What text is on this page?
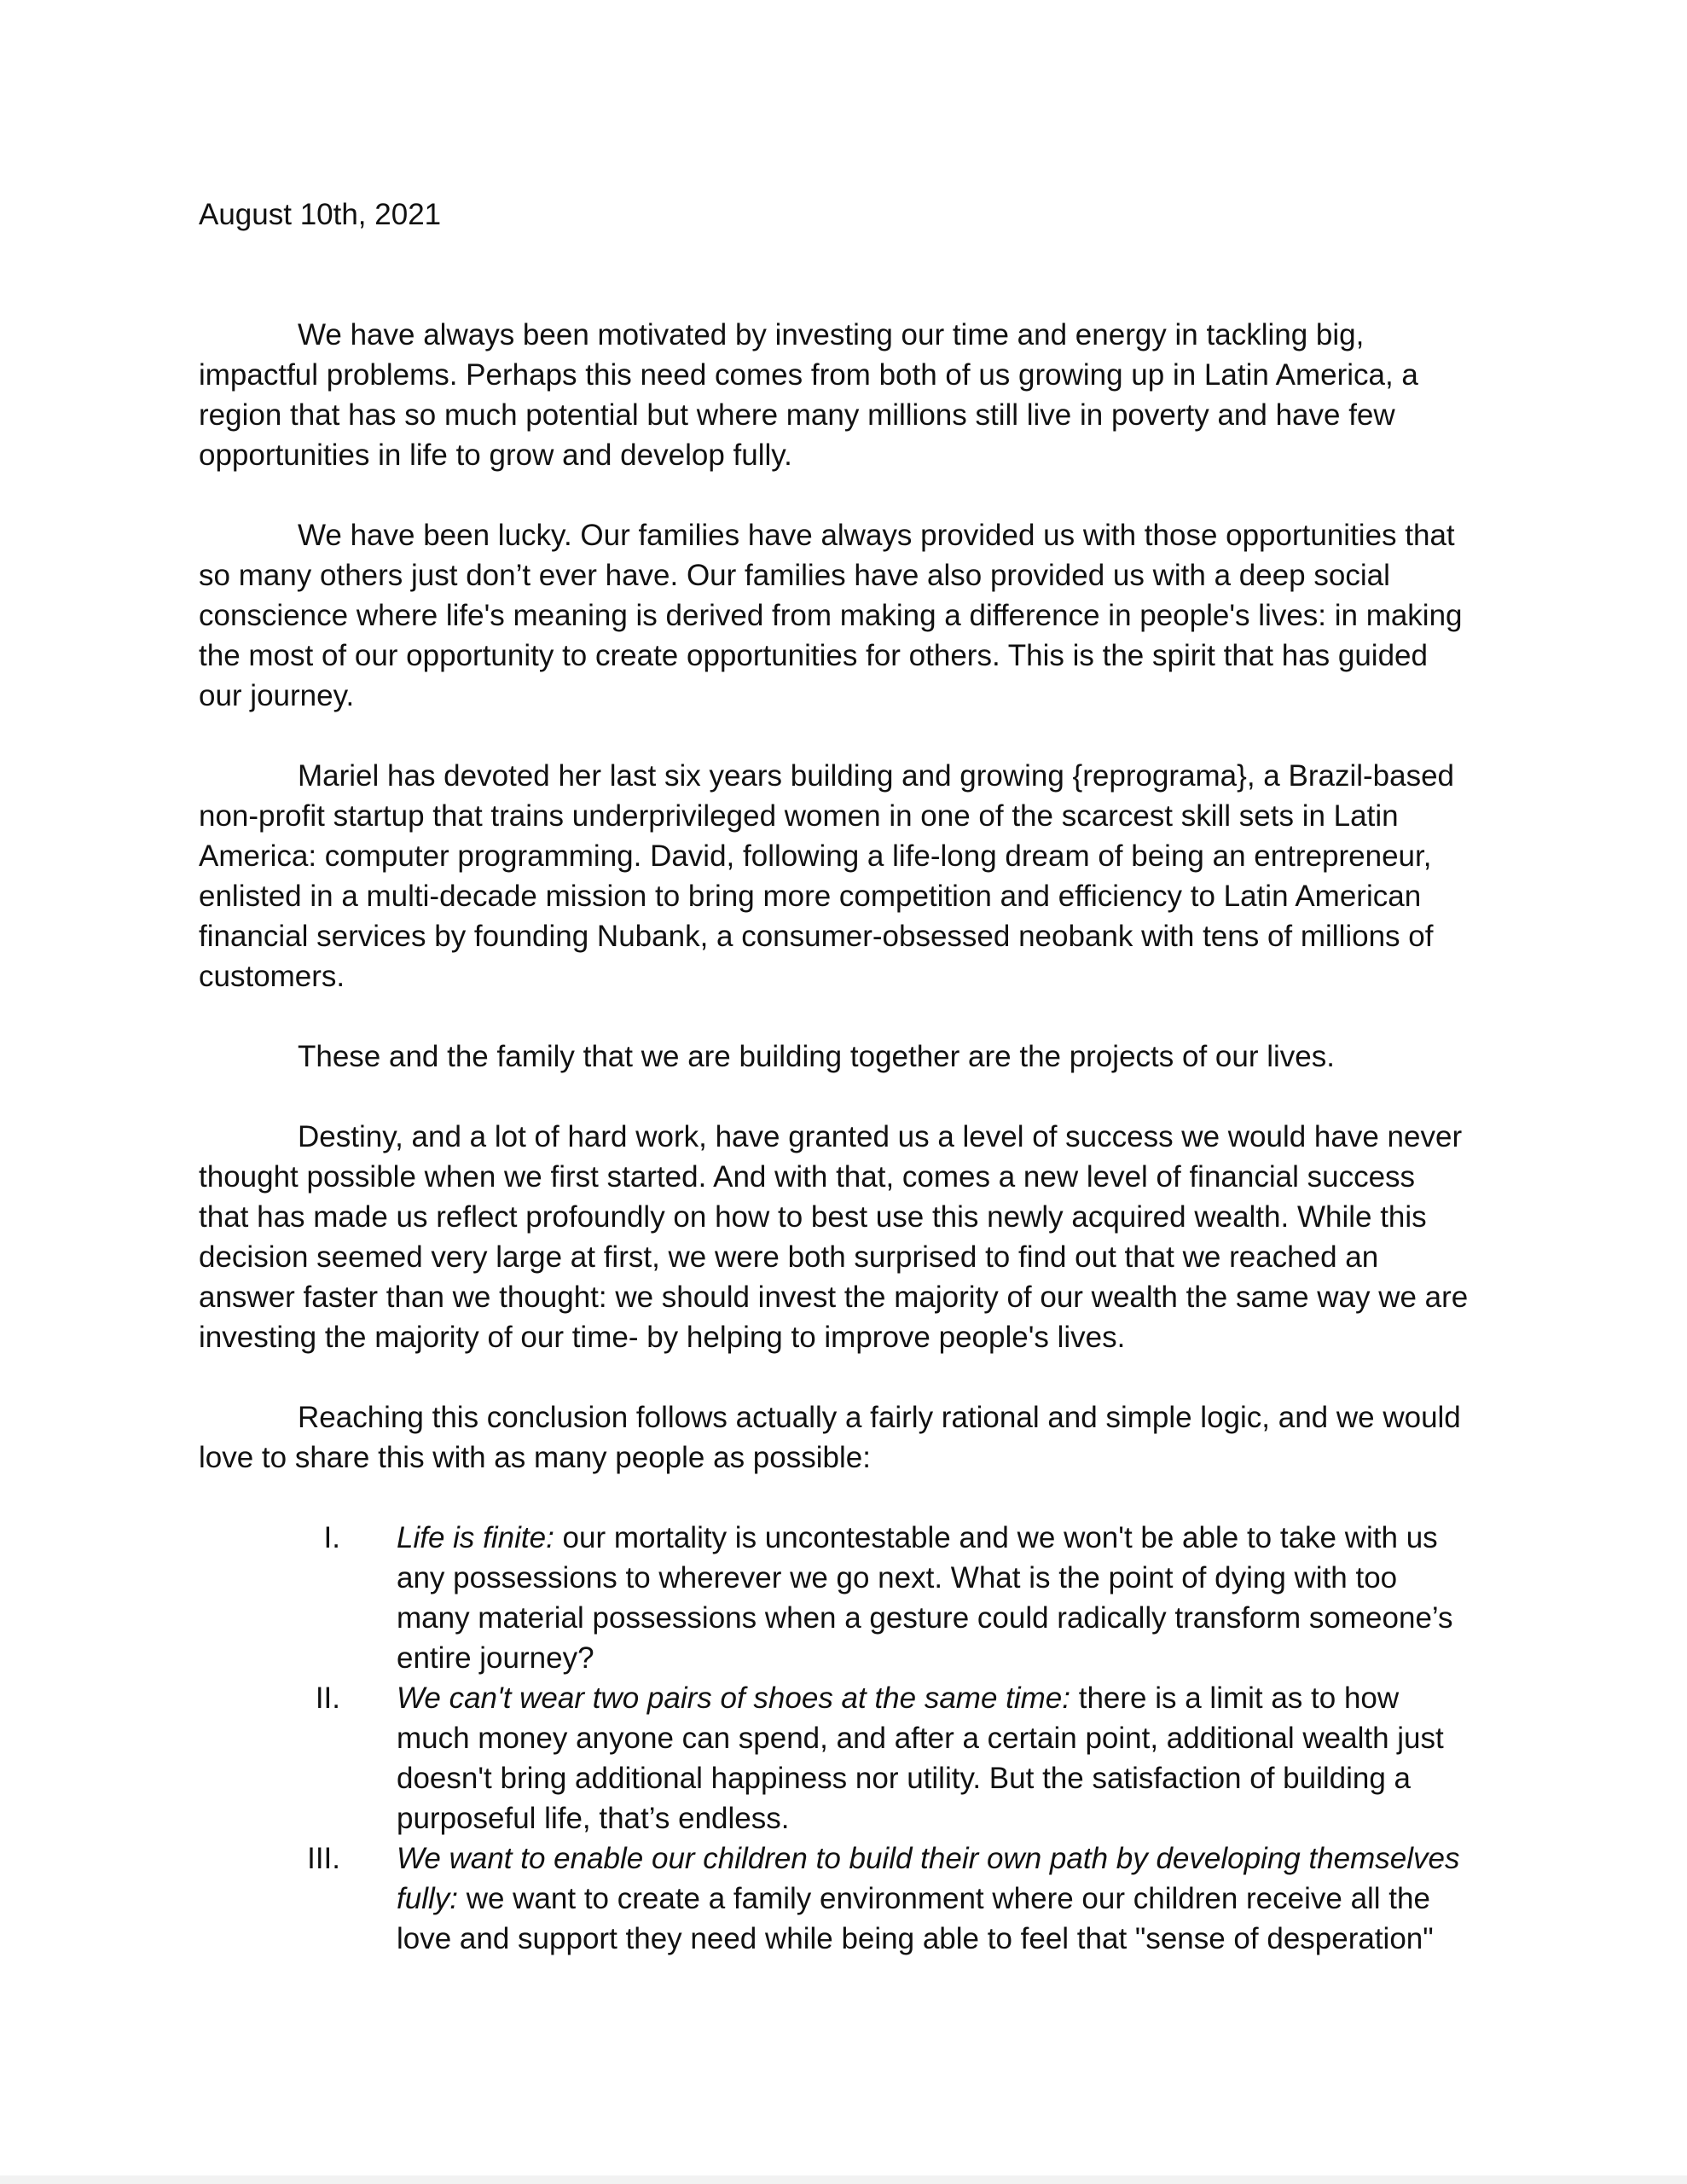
August 10th, 2021

We have always been motivated by investing our time and energy in tackling big,
impactful problems. Perhaps this need comes from both of us growing up in Latin America, a
region that has so much potential but where many millions still live in poverty and have few
opportunities in life to grow and develop fully.

We have been lucky. Our families have always provided us with those opportunities that
so many others just don’t ever have. Our families have also provided us with a deep social
conscience where life's meaning is derived from making a difference in people's lives: in making
the most of our opportunity to create opportunities for others. This is the spirit that has guided
our journey.

Mariel has devoted her last six years building and growing {reprograma}, a Brazil-based
non-profit startup that trains underprivileged women in one of the scarcest skill sets in Latin
America: computer programming. David, following a life-long dream of being an entrepreneur,
enlisted in a multi-decade mission to bring more competition and efficiency to Latin American
financial services by founding Nubank, a consumer-obsessed neobank with tens of millions of
customers.

These and the family that we are building together are the projects of our lives.

Destiny, and a lot of hard work, have granted us a level of success we would have never
thought possible when we first started. And with that, comes a new level of financial success
that has made us reflect profoundly on how to best use this newly acquired wealth. While this
decision seemed very large at first, we were both surprised to find out that we reached an
answer faster than we thought: we should invest the majority of our wealth the same way we are
investing the majority of our time- by helping to improve people's lives.

Reaching this conclusion follows actually a fairly rational and simple logic, and we would
love to share this with as many people as possible:

I. Life is finite: our mortality is uncontestable and we won't be able to take with us
any possessions to wherever we go next. What is the point of dying with too
many material possessions when a gesture could radically transform someone’s
entire journey?
II. We can't wear two pairs of shoes at the same time: there is a limit as to how
much money anyone can spend, and after a certain point, additional wealth just
doesn't bring additional happiness nor utility. But the satisfaction of building a
purposeful life, that’s endless.
III. We want to enable our children to build their own path by developing themselves
fully: we want to create a family environment where our children receive all the
love and support they need while being able to feel that "sense of desperation"
